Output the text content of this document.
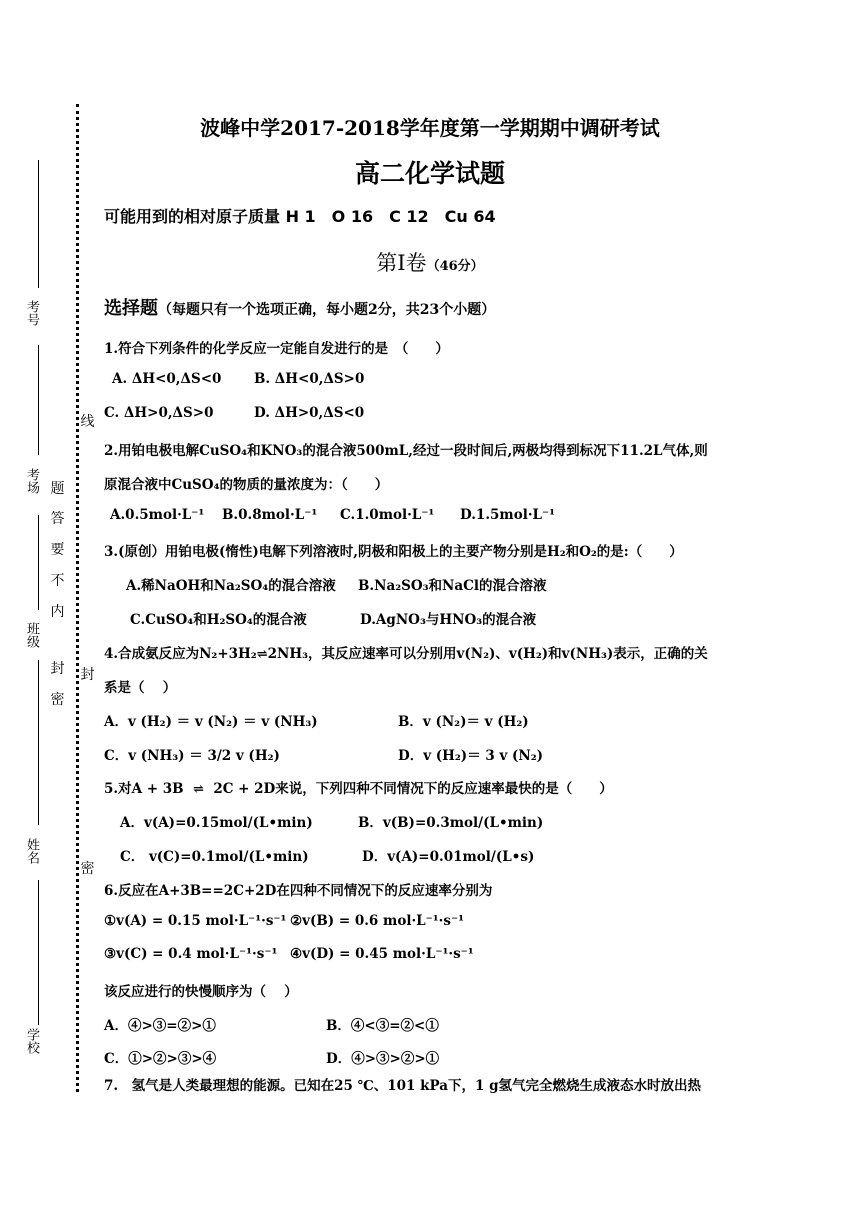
考号
考场
班级
姓名
学校
题
答
要
不
内
封
密
线
封
密
波峰中学2017-2018学年度第一学期期中调研考试
高二化学试题
可能用到的相对原子质量 H 1　O 16　C 12　Cu 64
第Ⅰ卷（46分）
选择题（每题只有一个选项正确，每小题2分，共23个小题）
1.符合下列条件的化学反应一定能自发进行的是　（　　）
A. ΔH<0,ΔS<0 B. ΔH<0,ΔS>0
C. ΔH>0,ΔS>0	D. ΔH>0,ΔS<0
2.用铂电极电解CuSO₄和KNO₃的混合液500mL,经过一段时间后,两极均得到标况下11.2L气体,则
原混合液中CuSO₄的物质的量浓度为：（　　）
A.0.5mol·L⁻¹ B.0.8mol·L⁻¹ C.1.0mol·L⁻¹ D.1.5mol·L⁻¹
3.(原创）用铂电极(惰性)电解下列溶液时,阴极和阳极上的主要产物分别是H₂和O₂的是:（　　）
A.稀NaOH和Na₂SO₄的混合溶液 B.Na₂SO₃和NaCl的混合溶液
C.CuSO₄和H₂SO₄的混合液	D.AgNO₃与HNO₃的混合液
4.合成氨反应为N₂+3H₂⇌2NH₃，其反应速率可以分别用v(N₂)、v(H₂)和v(NH₃)表示，正确的关
系是（　 ）
A．v (H₂) ＝ v (N₂) ＝ v (NH₃)	B．v (N₂)＝ v (H₂)
C．v (NH₃) ＝ 3/2 v (H₂)	D．v (H₂)＝ 3 v (N₂)
5.对A + 3B ⇌ 2C + 2D来说，下列四种不同情况下的反应速率最快的是（　　）
A．v(A)=0.15mol/(L•min)	B．v(B)=0.3mol/(L•min)
C． v(C)=0.1mol/(L•min)	D．v(A)=0.01mol/(L•s)
6.反应在A+3B==2C+2D在四种不同情况下的反应速率分别为
①v(A) = 0.15 mol·L⁻¹·s⁻¹ ②v(B) = 0.6 mol·L⁻¹·s⁻¹
③v(C) = 0.4 mol·L⁻¹·s⁻¹ ④v(D) = 0.45 mol·L⁻¹·s⁻¹
该反应进行的快慢顺序为（　 ）
A．④>③=②>①	B．④<③=②<①
C．①>②>③>④	D．④>③>②>①
7.　氢气是人类最理想的能源。已知在25 ℃、101 kPa下，1 g氢气完全燃烧生成液态水时放出热
